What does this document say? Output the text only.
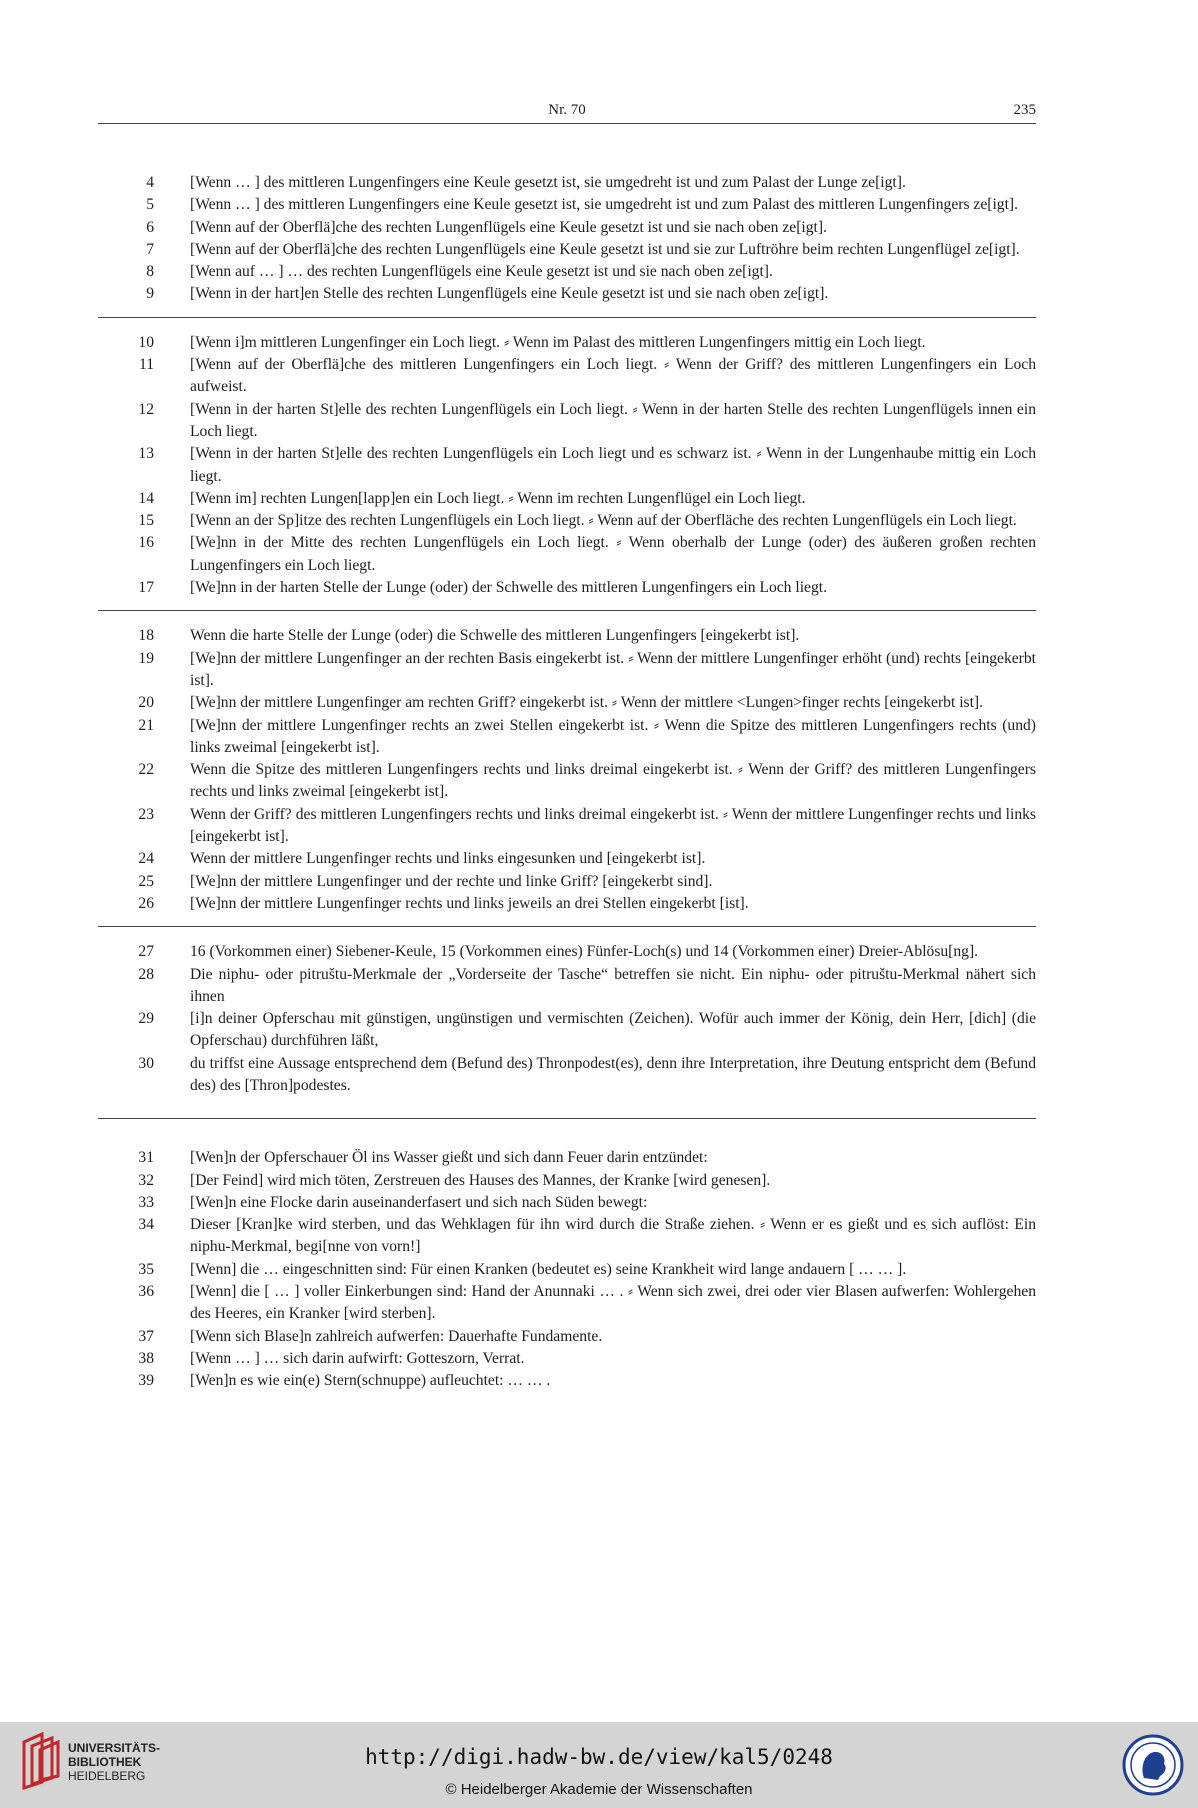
Nr. 70	235
4	[Wenn … ] des mittleren Lungenfingers eine Keule gesetzt ist, sie umgedreht ist und zum Palast der Lunge ze[igt].
5	[Wenn … ] des mittleren Lungenfingers eine Keule gesetzt ist, sie umgedreht ist und zum Palast des mittleren Lungenfingers ze[igt].
6	[Wenn auf der Oberflä]che des rechten Lungenflügels eine Keule gesetzt ist und sie nach oben ze[igt].
7	[Wenn auf der Oberflä]che des rechten Lungenflügels eine Keule gesetzt ist und sie zur Luftröhre beim rechten Lungenflügel ze[igt].
8	[Wenn auf … ] … des rechten Lungenflügels eine Keule gesetzt ist und sie nach oben ze[igt].
9	[Wenn in der hart]en Stelle des rechten Lungenflügels eine Keule gesetzt ist und sie nach oben ze[igt].
10	[Wenn i]m mittleren Lungenfinger ein Loch liegt. ⸗ Wenn im Palast des mittleren Lungenfingers mittig ein Loch liegt.
11	[Wenn auf der Oberflä]che des mittleren Lungenfingers ein Loch liegt. ⸗ Wenn der Griff? des mittleren Lungenfingers ein Loch aufweist.
12	[Wenn in der harten St]elle des rechten Lungenflügels ein Loch liegt. ⸗ Wenn in der harten Stelle des rechten Lungenflügels innen ein Loch liegt.
13	[Wenn in der harten St]elle des rechten Lungenflügels ein Loch liegt und es schwarz ist. ⸗ Wenn in der Lungenhaube mittig ein Loch liegt.
14	[Wenn im] rechten Lungen[lapp]en ein Loch liegt. ⸗ Wenn im rechten Lungenflügel ein Loch liegt.
15	[Wenn an der Sp]itze des rechten Lungenflügels ein Loch liegt. ⸗ Wenn auf der Oberfläche des rechten Lungenflügels ein Loch liegt.
16	[We]nn in der Mitte des rechten Lungenflügels ein Loch liegt. ⸗ Wenn oberhalb der Lunge (oder) des äußeren großen rechten Lungenfingers ein Loch liegt.
17	[We]nn in der harten Stelle der Lunge (oder) der Schwelle des mittleren Lungenfingers ein Loch liegt.
18	Wenn die harte Stelle der Lunge (oder) die Schwelle des mittleren Lungenfingers [eingekerbt ist].
19	[We]nn der mittlere Lungenfinger an der rechten Basis eingekerbt ist. ⸗ Wenn der mittlere Lungenfinger erhöht (und) rechts [eingekerbt ist].
20	[We]nn der mittlere Lungenfinger am rechten Griff? eingekerbt ist. ⸗ Wenn der mittlere <Lungen>finger rechts [eingekerbt ist].
21	[We]nn der mittlere Lungenfinger rechts an zwei Stellen eingekerbt ist. ⸗ Wenn die Spitze des mittleren Lungenfingers rechts (und) links zweimal [eingekerbt ist].
22	Wenn die Spitze des mittleren Lungenfingers rechts und links dreimal eingekerbt ist. ⸗ Wenn der Griff? des mittleren Lungenfingers rechts und links zweimal [eingekerbt ist].
23	Wenn der Griff? des mittleren Lungenfingers rechts und links dreimal eingekerbt ist. ⸗ Wenn der mittlere Lungenfinger rechts und links [eingekerbt ist].
24	Wenn der mittlere Lungenfinger rechts und links eingesunken und [eingekerbt ist].
25	[We]nn der mittlere Lungenfinger und der rechte und linke Griff? [eingekerbt sind].
26	[We]nn der mittlere Lungenfinger rechts und links jeweils an drei Stellen eingekerbt [ist].
27	16 (Vorkommen einer) Siebener-Keule, 15 (Vorkommen eines) Fünfer-Loch(s) und 14 (Vorkommen einer) Dreier-Ablösu[ng].
28	Die niphu- oder pitruštu-Merkmale der „Vorderseite der Tasche“ betreffen sie nicht. Ein niphu- oder pitruštu-Merkmal nähert sich ihnen
29	[i]n deiner Opferschau mit günstigen, ungünstigen und vermischten (Zeichen). Wofür auch immer der König, dein Herr, [dich] (die Opferschau) durchführen läßt,
30	du triffst eine Aussage entsprechend dem (Befund des) Thronpodest(es), denn ihre Interpretation, ihre Deutung entspricht dem (Befund des) des [Thron]podestes.
31	[Wen]n der Opferschauer Öl ins Wasser gießt und sich dann Feuer darin entzündet:
32	[Der Feind] wird mich töten, Zerstreuen des Hauses des Mannes, der Kranke [wird genesen].
33	[Wen]n eine Flocke darin auseinanderfasert und sich nach Süden bewegt:
34	Dieser [Kran]ke wird sterben, und das Wehklagen für ihn wird durch die Straße ziehen. ⸗ Wenn er es gießt und es sich auflöst: Ein niphu-Merkmal, begi[nne von vorn!]
35	[Wenn] die … eingeschnitten sind: Für einen Kranken (bedeutet es) seine Krankheit wird lange andauern [ … … ].
36	[Wenn] die [ … ] voller Einkerbungen sind: Hand der Anunnaki … . ⸗ Wenn sich zwei, drei oder vier Blasen aufwerfen: Wohlergehen des Heeres, ein Kranker [wird sterben].
37	[Wenn sich Blase]n zahlreich aufwerfen: Dauerhafte Fundamente.
38	[Wenn … ] … sich darin aufwirft: Gotteszorn, Verrat.
39	[Wen]n es wie ein(e) Stern(schnuppe) aufleuchtet: … … .
UNIVERSITÄTS-
BIBLIOTHEK
HEIDELBERG
http://digi.hadw-bw.de/view/kal5/0248
© Heidelberger Akademie der Wissenschaften
